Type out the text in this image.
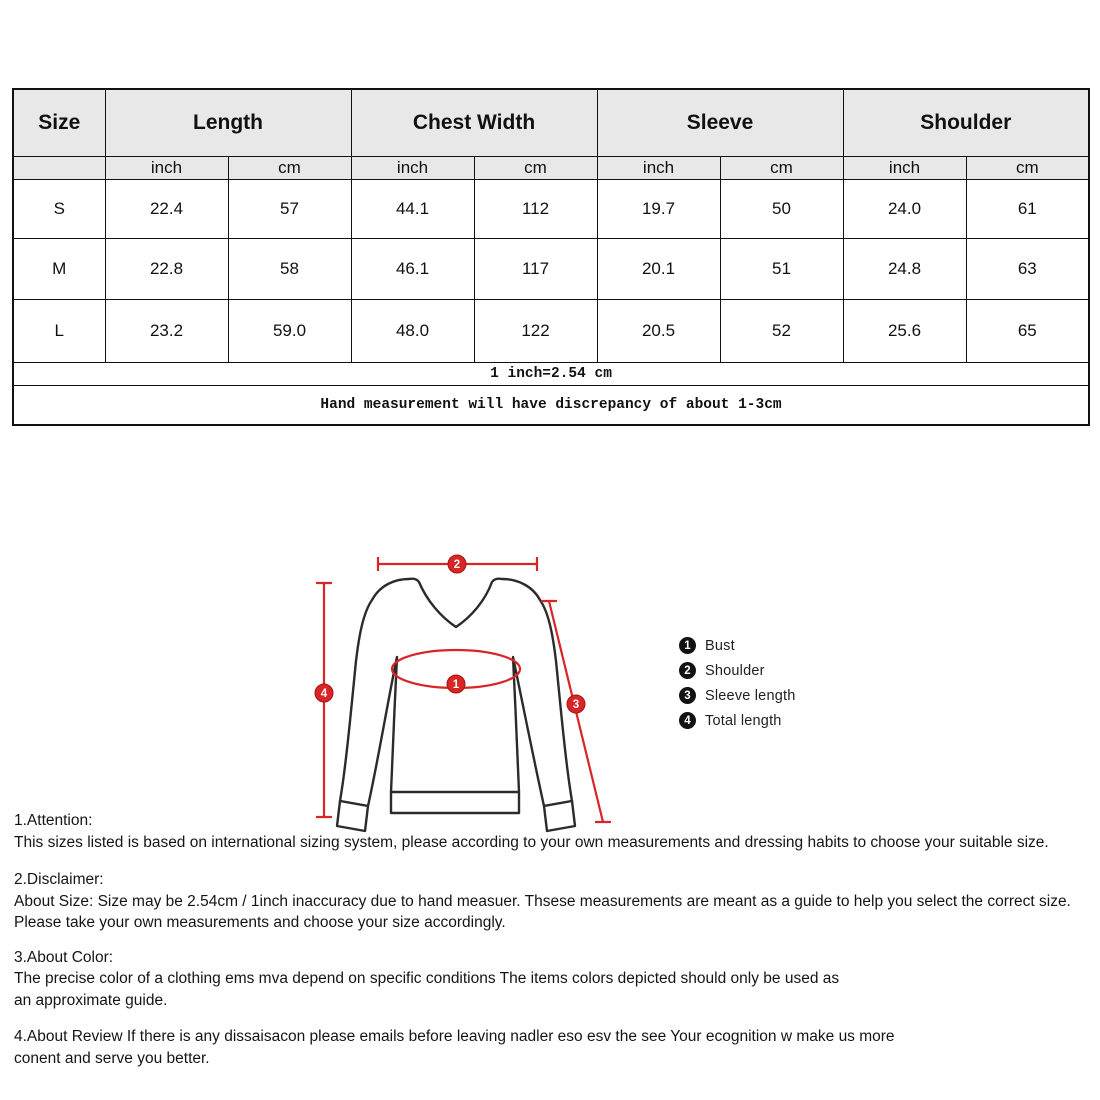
Size	Length		Chest Width		Sleeve		Shoulder	
	inch	cm	inch	cm	inch	cm	inch	cm
S	22.4	57	44.1	112	19.7	50	24.0	61
M	22.8	58	46.1	117	20.1	51	24.8	63
L	23.2	59.0	48.0	122	20.5	52	25.6	65
1 inch=2.54 cm								
Hand measurement will have discrepancy of about 1-3cm								
2
4
3
1
1 Bust
2 Shoulder
3 Sleeve length
4 Total length

1.Attention:

This sizes listed is based on international sizing system, please according to your own measurements and dressing habits to choose your suitable size.

2.Disclaimer:

About Size: Size may be 2.54cm / 1inch inaccuracy due to hand measuer. Thsese measurements are meant as a guide to help you select the correct size.

Please take your own measurements and choose your size accordingly.

3.About Color:

The precise color of a clothing ems mva depend on specific conditions The items colors depicted should only be used as

an approximate guide.

4.About Review If there is any dissaisacon please emails before leaving nadler eso esv the see Your ecognition w make us more

conent and serve you better.
